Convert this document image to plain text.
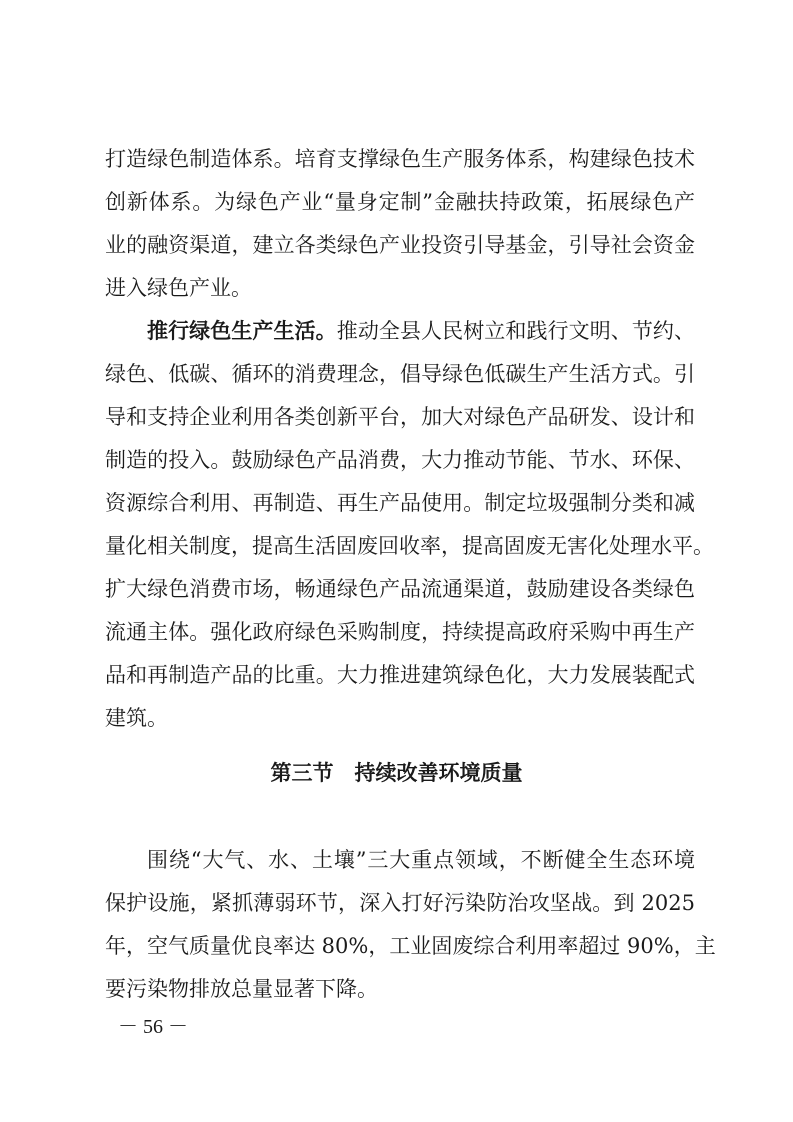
打造绿色制造体系。培育支撑绿色生产服务体系，构建绿色技术
创新体系。为绿色产业“量身定制”金融扶持政策，拓展绿色产
业的融资渠道，建立各类绿色产业投资引导基金，引导社会资金
进入绿色产业。
推行绿色生产生活。推动全县人民树立和践行文明、节约、
绿色、低碳、循环的消费理念，倡导绿色低碳生产生活方式。引
导和支持企业利用各类创新平台，加大对绿色产品研发、设计和
制造的投入。鼓励绿色产品消费，大力推动节能、节水、环保、
资源综合利用、再制造、再生产品使用。制定垃圾强制分类和减
量化相关制度，提高生活固废回收率，提高固废无害化处理水平。
扩大绿色消费市场，畅通绿色产品流通渠道，鼓励建设各类绿色
流通主体。强化政府绿色采购制度，持续提高政府采购中再生产
品和再制造产品的比重。大力推进建筑绿色化，大力发展装配式
建筑。
第三节　持续改善环境质量
围绕“大气、水、土壤”三大重点领域，不断健全生态环境
保护设施，紧抓薄弱环节，深入打好污染防治攻坚战。到 2025
年，空气质量优良率达 80%，工业固废综合利用率超过 90%，主
要污染物排放总量显著下降。
－ 56 －
